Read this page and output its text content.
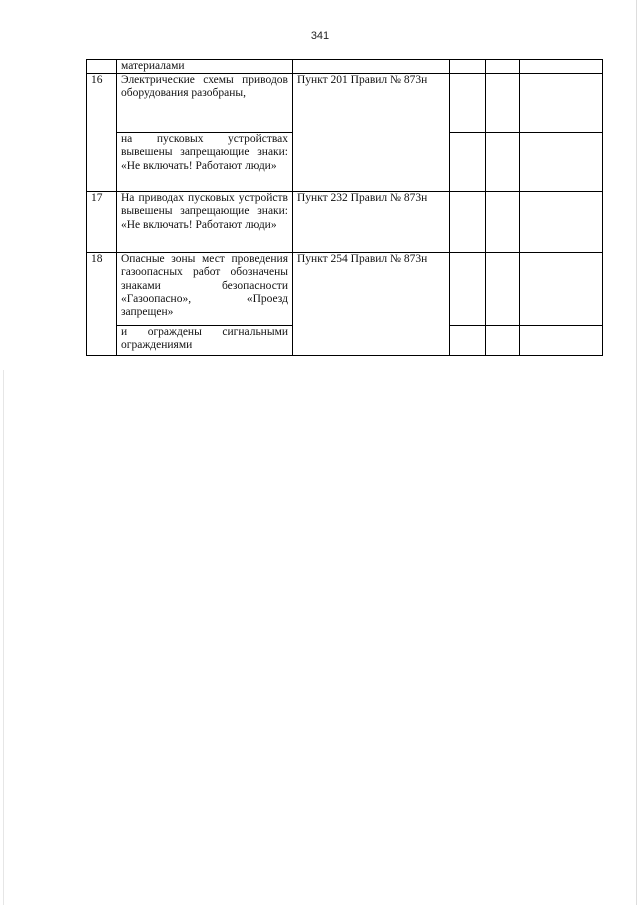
341
	материалами				
16	Электрические схемы приводов оборудования разобраны,	Пункт 201 Правил № 873н			
	на пусковых устройствах вывешены запрещающие знаки: «Не включать! Работают люди»				
17	На приводах пусковых устройств вывешены запрещающие знаки: «Не включать! Работают люди»	Пункт 232 Правил № 873н			
18	Опасные зоны мест проведения газоопасных работ обозначены знаками безопасности «Газоопасно», «Проезд запрещен»	Пункт 254 Правил № 873н			
	и ограждены сигнальными ограждениями				
